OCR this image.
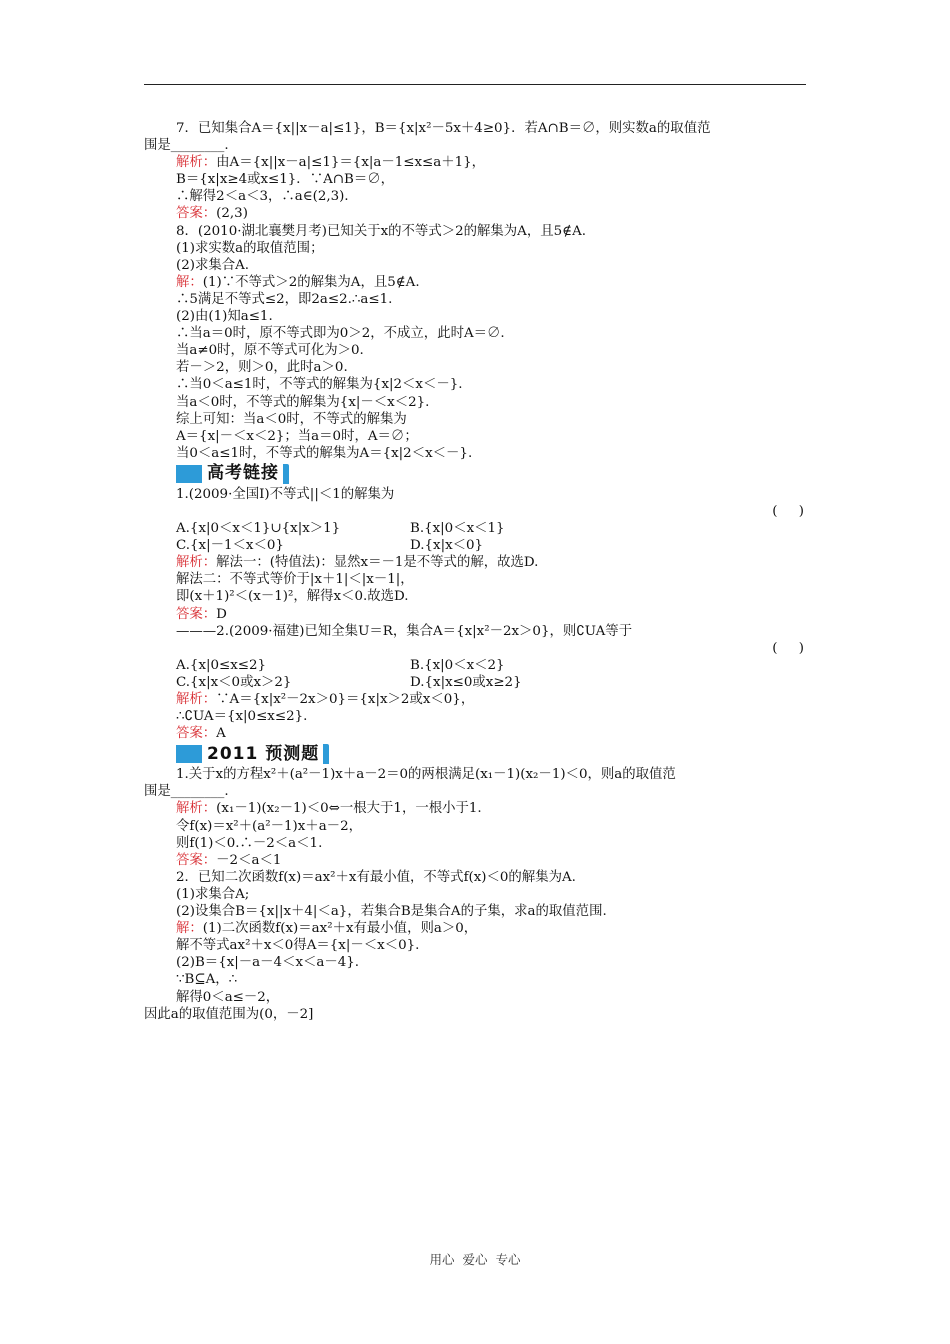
7．已知集合A＝{x||x－a|≤1}，B＝{x|x²－5x＋4≥0}．若A∩B＝∅，则实数a的取值范
围是________.
解析：由A＝{x||x－a|≤1}＝{x|a－1≤x≤a＋1}，
B＝{x|x≥4或x≤1}．∵A∩B＝∅，
∴解得2＜a＜3，∴a∈(2,3)．
答案：(2,3)
8．(2010·湖北襄樊月考)已知关于x的不等式＞2的解集为A，且5∉A.
(1)求实数a的取值范围；
(2)求集合A.
解：(1)∵不等式＞2的解集为A，且5∉A.
∴5满足不等式≤2，即2a≤2.∴a≤1.
(2)由(1)知a≤1.
∴当a＝0时，原不等式即为0＞2，不成立，此时A＝∅.
当a≠0时，原不等式可化为＞0.
若－＞2，则＞0，此时a＞0.
∴当0＜a≤1时，不等式的解集为{x|2＜x＜－}.
当a＜0时，不等式的解集为{x|－＜x＜2}.
综上可知：当a＜0时，不等式的解集为
A＝{x|－＜x＜2}；当a＝0时，A＝∅；
当0＜a≤1时，不等式的解集为A＝{x|2＜x＜－}.
高考链接
1.(2009·全国Ⅰ)不等式||＜1的解集为
(     )
A.{x|0＜x＜1}∪{x|x＞1}	B.{x|0＜x＜1}
C.{x|－1＜x＜0}	D.{x|x＜0}
解析：解法一：(特值法)：显然x＝－1是不等式的解，故选D.
解法二：不等式等价于|x＋1|＜|x－1|，
即(x＋1)²＜(x－1)²，解得x＜0.故选D.
答案：D
———2.(2009·福建)已知全集U＝R，集合A＝{x|x²－2x＞0}，则∁UA等于
(     )
A.{x|0≤x≤2}	B.{x|0＜x＜2}
C.{x|x＜0或x＞2}	D.{x|x≤0或x≥2}
解析：∵A＝{x|x²－2x＞0}＝{x|x＞2或x＜0}，
∴∁UA＝{x|0≤x≤2}.
答案：A
2011 预测题
1.关于x的方程x²＋(a²－1)x＋a－2＝0的两根满足(x₁－1)(x₂－1)＜0，则a的取值范
围是________.
解析：(x₁－1)(x₂－1)＜0⇔一根大于1，一根小于1.
令f(x)＝x²＋(a²－1)x＋a－2，
则f(1)＜0.∴－2＜a＜1.
答案：－2＜a＜1
2．已知二次函数f(x)＝ax²＋x有最小值，不等式f(x)＜0的解集为A.
(1)求集合A;
(2)设集合B＝{x||x＋4|＜a}，若集合B是集合A的子集，求a的取值范围.
解：(1)二次函数f(x)＝ax²＋x有最小值，则a＞0，
解不等式ax²＋x＜0得A＝{x|－＜x＜0}.
(2)B＝{x|－a－4＜x＜a－4}.
∵B⊆A，∴
解得0＜a≤－2，
因此a的取值范围为(0，－2]
用心  爱心  专心
